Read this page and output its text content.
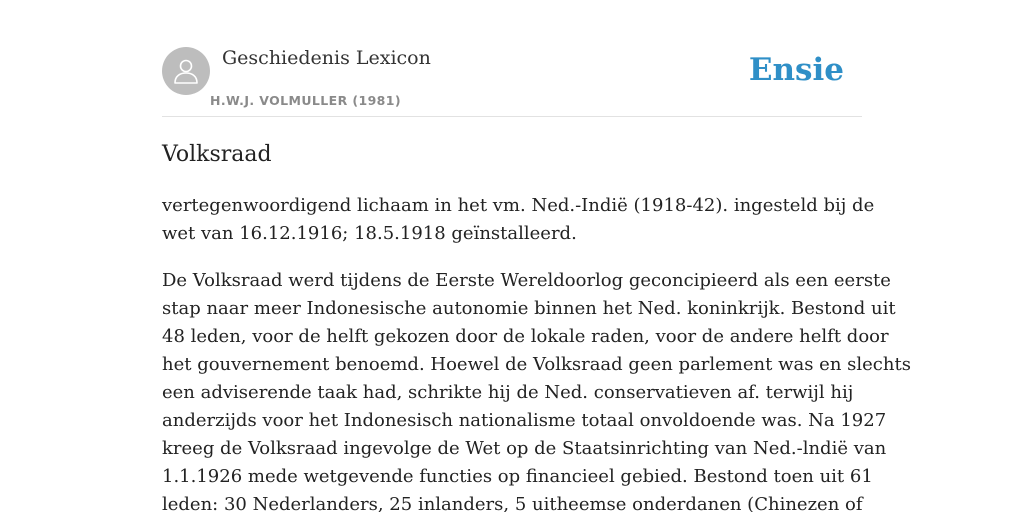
Geschiedenis Lexicon
H.W.J. VOLMULLER (1981)
Ensie
Volksraad

vertegenwoordigend lichaam in het vm. Ned.-Indië (1918-42). ingesteld bij de
wet van 16.12.1916; 18.5.1918 geïnstalleerd.

De Volksraad werd tijdens de Eerste Wereldoorlog geconcipieerd als een eerste
stap naar meer Indonesische autonomie binnen het Ned. koninkrijk. Bestond uit
48 leden, voor de helft gekozen door de lokale raden, voor de andere helft door
het gouvernement benoemd. Hoewel de Volksraad geen parlement was en slechts
een adviserende taak had, schrikte hij de Ned. conservatieven af. terwijl hij
anderzijds voor het Indonesisch nationalisme totaal onvoldoende was. Na 1927
kreeg de Volksraad ingevolge de Wet op de Staatsinrichting van Ned.-lndië van
1.1.1926 mede wetgevende functies op financieel gebied. Bestond toen uit 61
leden: 30 Nederlanders, 25 inlanders, 5 uitheemse onderdanen (Chinezen of
